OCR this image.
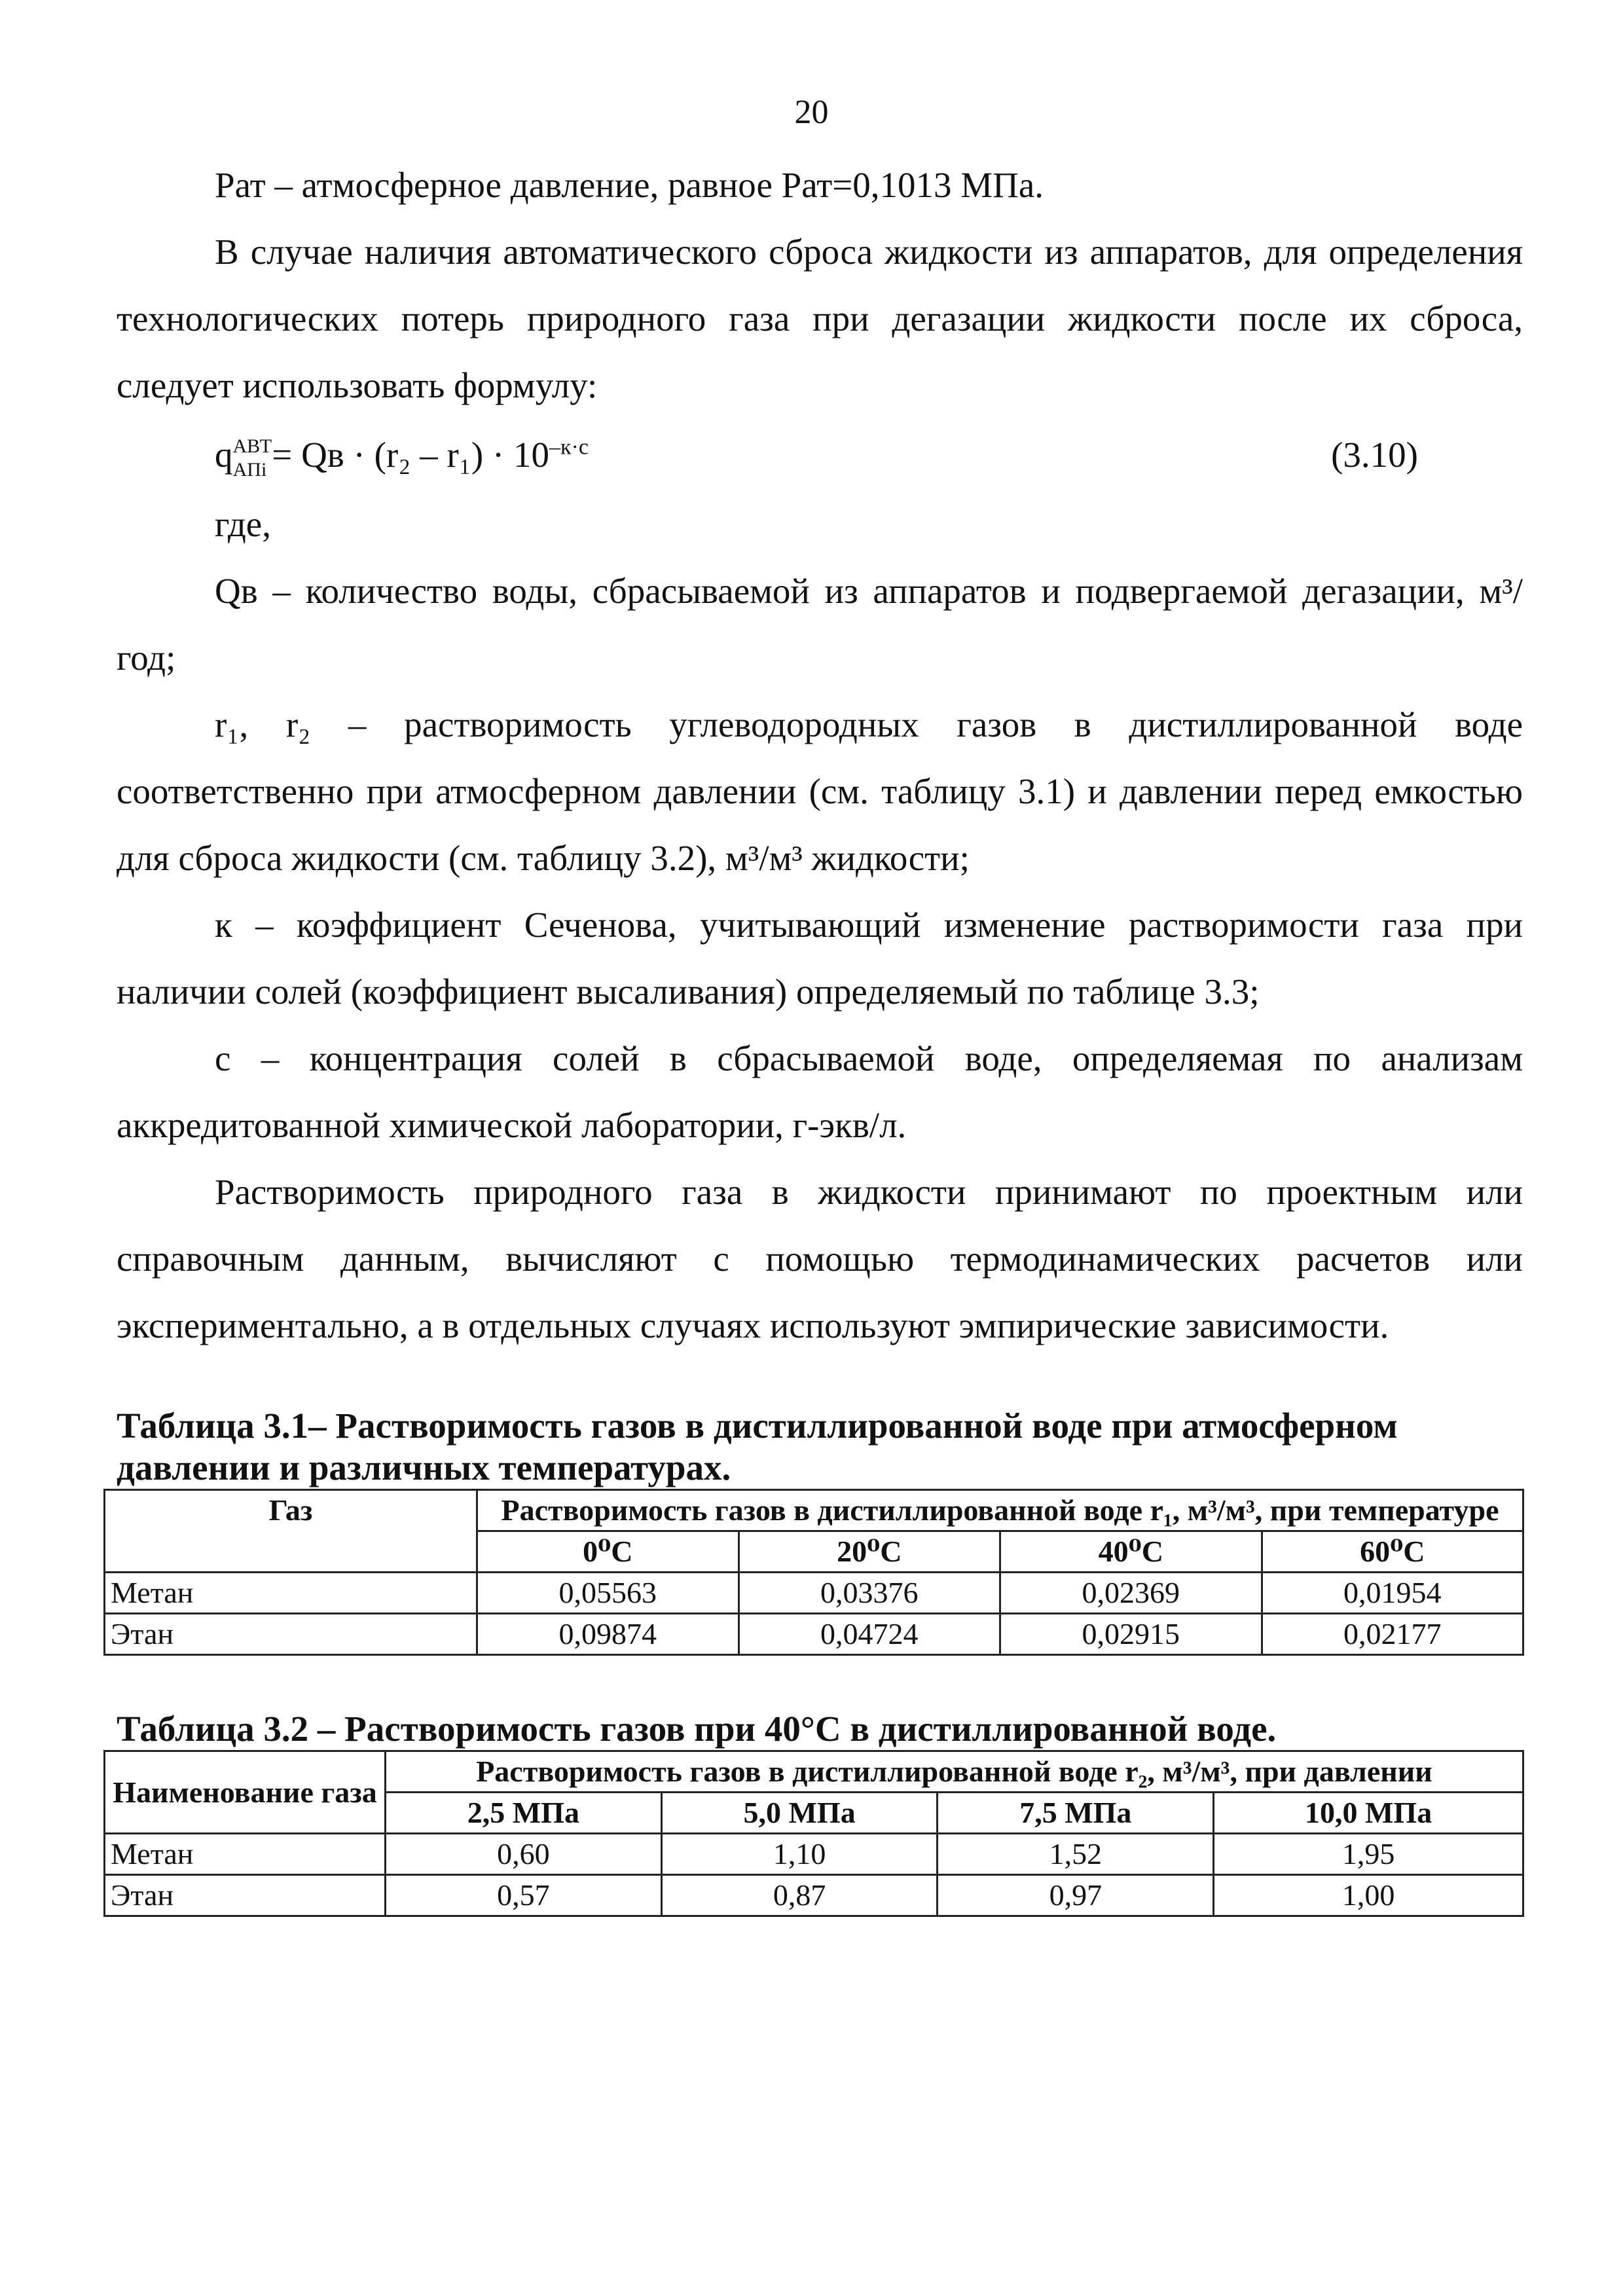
20

Рат – атмосферное давление, равное Рат=0,1013 МПа.

В случае наличия автоматического сброса жидкости из аппаратов, для определения технологических потерь природного газа при дегазации жидкости после их сброса, следует использовать формулу:

$q^{АВТ}_{АПi}$ = Qв · $(r_2 - r_1) \cdot 10^{-к\cdot с}$	(3.10)

где,

Qв – количество воды, сбрасываемой из аппаратов и подвергаемой дегазации, м³/год;

r₁, r₂ – растворимость углеводородных газов в дистиллированной воде соответственно при атмосферном давлении (см. таблицу 3.1) и давлении перед емкостью для сброса жидкости (см. таблицу 3.2), м³/м³ жидкости;

к – коэффициент Сеченова, учитывающий изменение растворимости газа при наличии солей (коэффициент высаливания) определяемый по таблице 3.3;

с – концентрация солей в сбрасываемой воде, определяемая по анализам аккредитованной химической лаборатории, г-экв/л.

Растворимость природного газа в жидкости принимают по проектным или справочным данным, вычисляют с помощью термодинамических расчетов или экспериментально, а в отдельных случаях используют эмпирические зависимости.

Таблица 3.1– Растворимость газов в дистиллированной воде при атмосферном давлении и различных температурах.

Газ	Растворимость газов в дистиллированной воде r₁, м³/м³, при температуре			
	0⁰С	20⁰С	40⁰С	60⁰С
Метан	0,05563	0,03376	0,02369	0,01954
Этан	0,09874	0,04724	0,02915	0,02177

Таблица 3.2 – Растворимость газов при 40°С в дистиллированной воде.

Наименование газа	Растворимость газов в дистиллированной воде r₂, м³/м³, при давлении			
	2,5 МПа	5,0 МПа	7,5 МПа	10,0 МПа
Метан	0,60	1,10	1,52	1,95
Этан	0,57	0,87	0,97	1,00
